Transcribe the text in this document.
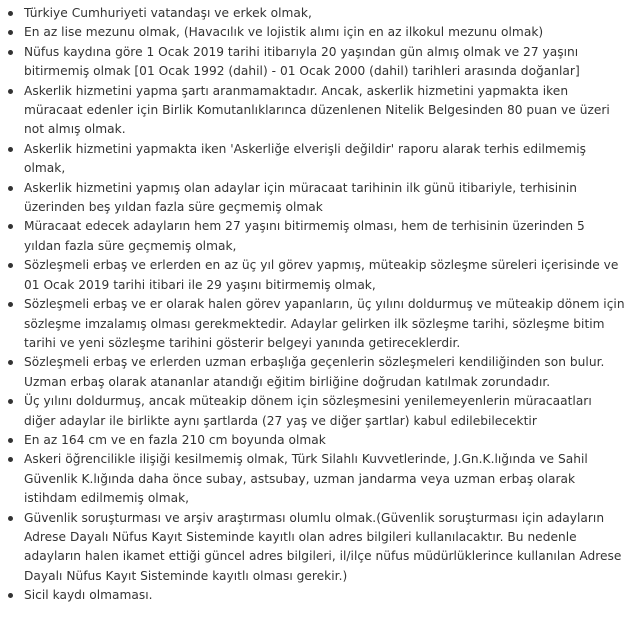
Türkiye Cumhuriyeti vatandaşı ve erkek olmak,
En az lise mezunu olmak, (Havacılık ve lojistik alımı için en az ilkokul mezunu olmak)
Nüfus kaydına göre 1 Ocak 2019 tarihi itibarıyla 20 yaşından gün almış olmak ve 27 yaşını bitirmemiş olmak [01 Ocak 1992 (dahil) - 01 Ocak 2000 (dahil) tarihleri arasında doğanlar]
Askerlik hizmetini yapma şartı aranmamaktadır. Ancak, askerlik hizmetini yapmakta iken müracaat edenler için Birlik Komutanlıklarınca düzenlenen Nitelik Belgesinden 80 puan ve üzeri not almış olmak.
Askerlik hizmetini yapmakta iken 'Askerliğe elverişli değildir' raporu alarak terhis edilmemiş olmak,
Askerlik hizmetini yapmış olan adaylar için müracaat tarihinin ilk günü itibariyle, terhisinin üzerinden beş yıldan fazla süre geçmemiş olmak
Müracaat edecek adayların hem 27 yaşını bitirmemiş olması, hem de terhisinin üzerinden 5 yıldan fazla süre geçmemiş olmak,
Sözleşmeli erbaş ve erlerden en az üç yıl görev yapmış, müteakip sözleşme süreleri içerisinde ve 01 Ocak 2019 tarihi itibari ile 29 yaşını bitirmemiş olmak,
Sözleşmeli erbaş ve er olarak halen görev yapanların, üç yılını doldurmuş ve müteakip dönem için sözleşme imzalamış olması gerekmektedir. Adaylar gelirken ilk sözleşme tarihi, sözleşme bitim tarihi ve yeni sözleşme tarihini gösterir belgeyi yanında getireceklerdir.
Sözleşmeli erbaş ve erlerden uzman erbaşlığa geçenlerin sözleşmeleri kendiliğinden son bulur. Uzman erbaş olarak atananlar atandığı eğitim birliğine doğrudan katılmak zorundadır.
Üç yılını doldurmuş, ancak müteakip dönem için sözleşmesini yenilemeyenlerin müracaatları diğer adaylar ile birlikte aynı şartlarda (27 yaş ve diğer şartlar) kabul edilebilecektir
En az 164 cm ve en fazla 210 cm boyunda olmak
Askeri öğrencilikle ilişiği kesilmemiş olmak, Türk Silahlı Kuvvetlerinde, J.Gn.K.lığında ve Sahil Güvenlik K.lığında daha önce subay, astsubay, uzman jandarma veya uzman erbaş olarak istihdam edilmemiş olmak,
Güvenlik soruşturması ve arşiv araştırması olumlu olmak.(Güvenlik soruşturması için adayların Adrese Dayalı Nüfus Kayıt Sisteminde kayıtlı olan adres bilgileri kullanılacaktır. Bu nedenle adayların halen ikamet ettiği güncel adres bilgileri, il/ilçe nüfus müdürlüklerince kullanılan Adrese Dayalı Nüfus Kayıt Sisteminde kayıtlı olması gerekir.)
Sicil kaydı olmaması.
